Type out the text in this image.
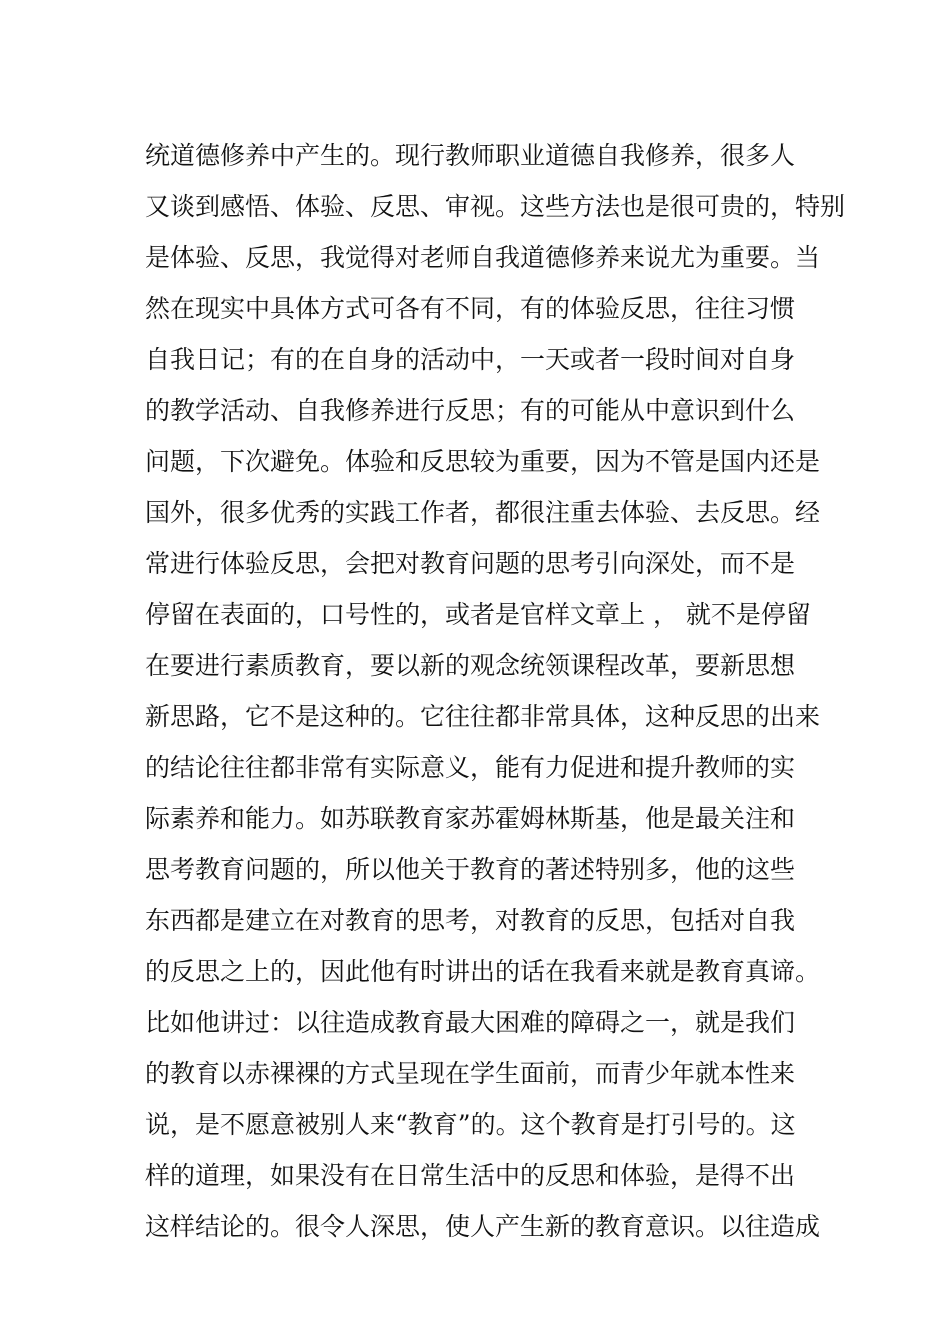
统道德修养中产生的。现行教师职业道德自我修养，很多人
又谈到感悟、体验、反思、审视。这些方法也是很可贵的，特别
是体验、反思，我觉得对老师自我道德修养来说尤为重要。当
然在现实中具体方式可各有不同，有的体验反思，往往习惯
自我日记；有的在自身的活动中，一天或者一段时间对自身
的教学活动、自我修养进行反思；有的可能从中意识到什么
问题，下次避免。体验和反思较为重要，因为不管是国内还是
国外，很多优秀的实践工作者，都很注重去体验、去反思。经
常进行体验反思，会把对教育问题的思考引向深处，而不是
停留在表面的，口号性的，或者是官样文章上 ， 就不是停留
在要进行素质教育，要以新的观念统领课程改革，要新思想
新思路，它不是这种的。它往往都非常具体，这种反思的出来
的结论往往都非常有实际意义，能有力促进和提升教师的实
际素养和能力。如苏联教育家苏霍姆林斯基，他是最关注和
思考教育问题的，所以他关于教育的著述特别多，他的这些
东西都是建立在对教育的思考，对教育的反思，包括对自我
的反思之上的，因此他有时讲出的话在我看来就是教育真谛。
比如他讲过：以往造成教育最大困难的障碍之一，就是我们
的教育以赤裸裸的方式呈现在学生面前，而青少年就本性来
说，是不愿意被别人来“教育”的。这个教育是打引号的。这
样的道理，如果没有在日常生活中的反思和体验，是得不出
这样结论的。很令人深思，使人产生新的教育意识。以往造成
